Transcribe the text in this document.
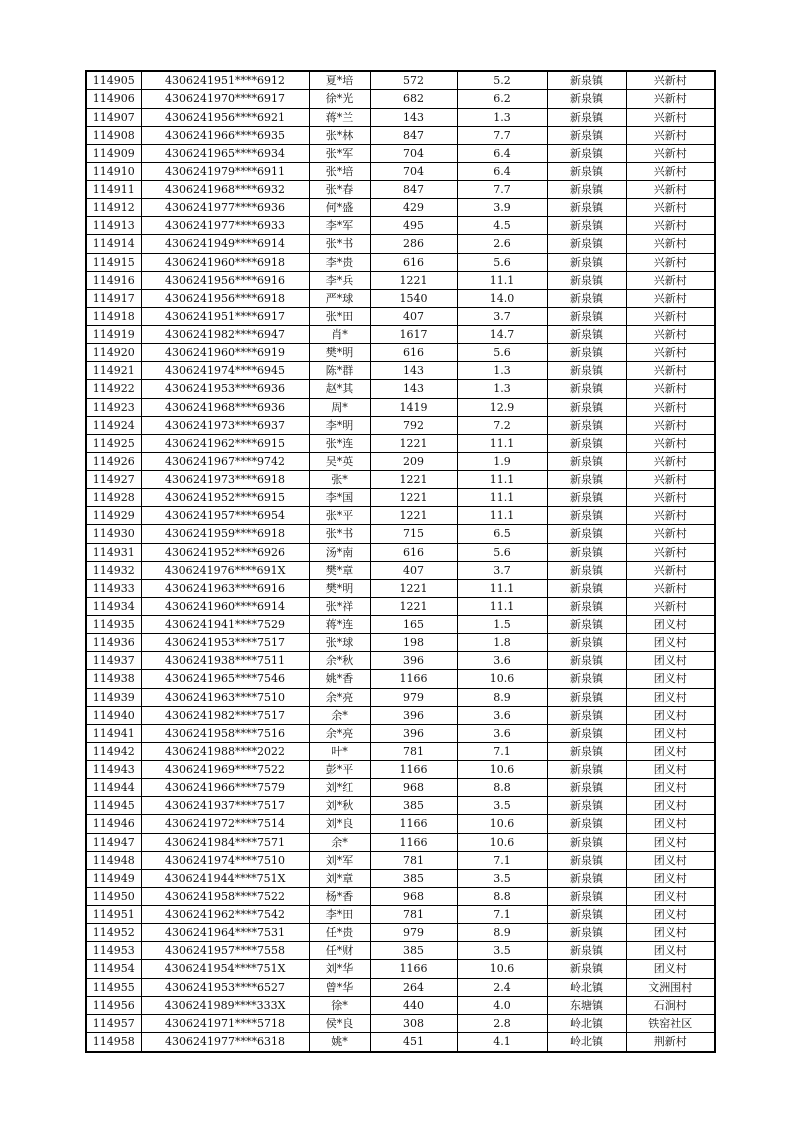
114905	4306241951****6912	夏*培	572	5.2	新泉镇	兴新村
114906	4306241970****6917	徐*光	682	6.2	新泉镇	兴新村
114907	4306241956****6921	蒋*兰	143	1.3	新泉镇	兴新村
114908	4306241966****6935	张*林	847	7.7	新泉镇	兴新村
114909	4306241965****6934	张*军	704	6.4	新泉镇	兴新村
114910	4306241979****6911	张*培	704	6.4	新泉镇	兴新村
114911	4306241968****6932	张*春	847	7.7	新泉镇	兴新村
114912	4306241977****6936	何*盛	429	3.9	新泉镇	兴新村
114913	4306241977****6933	李*军	495	4.5	新泉镇	兴新村
114914	4306241949****6914	张*书	286	2.6	新泉镇	兴新村
114915	4306241960****6918	李*贵	616	5.6	新泉镇	兴新村
114916	4306241956****6916	李*兵	1221	11.1	新泉镇	兴新村
114917	4306241956****6918	严*球	1540	14.0	新泉镇	兴新村
114918	4306241951****6917	张*田	407	3.7	新泉镇	兴新村
114919	4306241982****6947	肖*	1617	14.7	新泉镇	兴新村
114920	4306241960****6919	樊*明	616	5.6	新泉镇	兴新村
114921	4306241974****6945	陈*群	143	1.3	新泉镇	兴新村
114922	4306241953****6936	赵*其	143	1.3	新泉镇	兴新村
114923	4306241968****6936	周*	1419	12.9	新泉镇	兴新村
114924	4306241973****6937	李*明	792	7.2	新泉镇	兴新村
114925	4306241962****6915	张*连	1221	11.1	新泉镇	兴新村
114926	4306241967****9742	吴*英	209	1.9	新泉镇	兴新村
114927	4306241973****6918	张*	1221	11.1	新泉镇	兴新村
114928	4306241952****6915	李*国	1221	11.1	新泉镇	兴新村
114929	4306241957****6954	张*平	1221	11.1	新泉镇	兴新村
114930	4306241959****6918	张*书	715	6.5	新泉镇	兴新村
114931	4306241952****6926	汤*南	616	5.6	新泉镇	兴新村
114932	4306241976****691X	樊*章	407	3.7	新泉镇	兴新村
114933	4306241963****6916	樊*明	1221	11.1	新泉镇	兴新村
114934	4306241960****6914	张*祥	1221	11.1	新泉镇	兴新村
114935	4306241941****7529	蒋*连	165	1.5	新泉镇	团义村
114936	4306241953****7517	张*球	198	1.8	新泉镇	团义村
114937	4306241938****7511	余*秋	396	3.6	新泉镇	团义村
114938	4306241965****7546	姚*香	1166	10.6	新泉镇	团义村
114939	4306241963****7510	余*亮	979	8.9	新泉镇	团义村
114940	4306241982****7517	余*	396	3.6	新泉镇	团义村
114941	4306241958****7516	余*亮	396	3.6	新泉镇	团义村
114942	4306241988****2022	叶*	781	7.1	新泉镇	团义村
114943	4306241969****7522	彭*平	1166	10.6	新泉镇	团义村
114944	4306241966****7579	刘*红	968	8.8	新泉镇	团义村
114945	4306241937****7517	刘*秋	385	3.5	新泉镇	团义村
114946	4306241972****7514	刘*良	1166	10.6	新泉镇	团义村
114947	4306241984****7571	余*	1166	10.6	新泉镇	团义村
114948	4306241974****7510	刘*军	781	7.1	新泉镇	团义村
114949	4306241944****751X	刘*章	385	3.5	新泉镇	团义村
114950	4306241958****7522	杨*香	968	8.8	新泉镇	团义村
114951	4306241962****7542	李*田	781	7.1	新泉镇	团义村
114952	4306241964****7531	任*贵	979	8.9	新泉镇	团义村
114953	4306241957****7558	任*财	385	3.5	新泉镇	团义村
114954	4306241954****751X	刘*华	1166	10.6	新泉镇	团义村
114955	4306241953****6527	曾*华	264	2.4	岭北镇	文洲围村
114956	4306241989****333X	徐*	440	4.0	东塘镇	石涧村
114957	4306241971****5718	侯*良	308	2.8	岭北镇	铁窑社区
114958	4306241977****6318	姚*	451	4.1	岭北镇	荆新村
